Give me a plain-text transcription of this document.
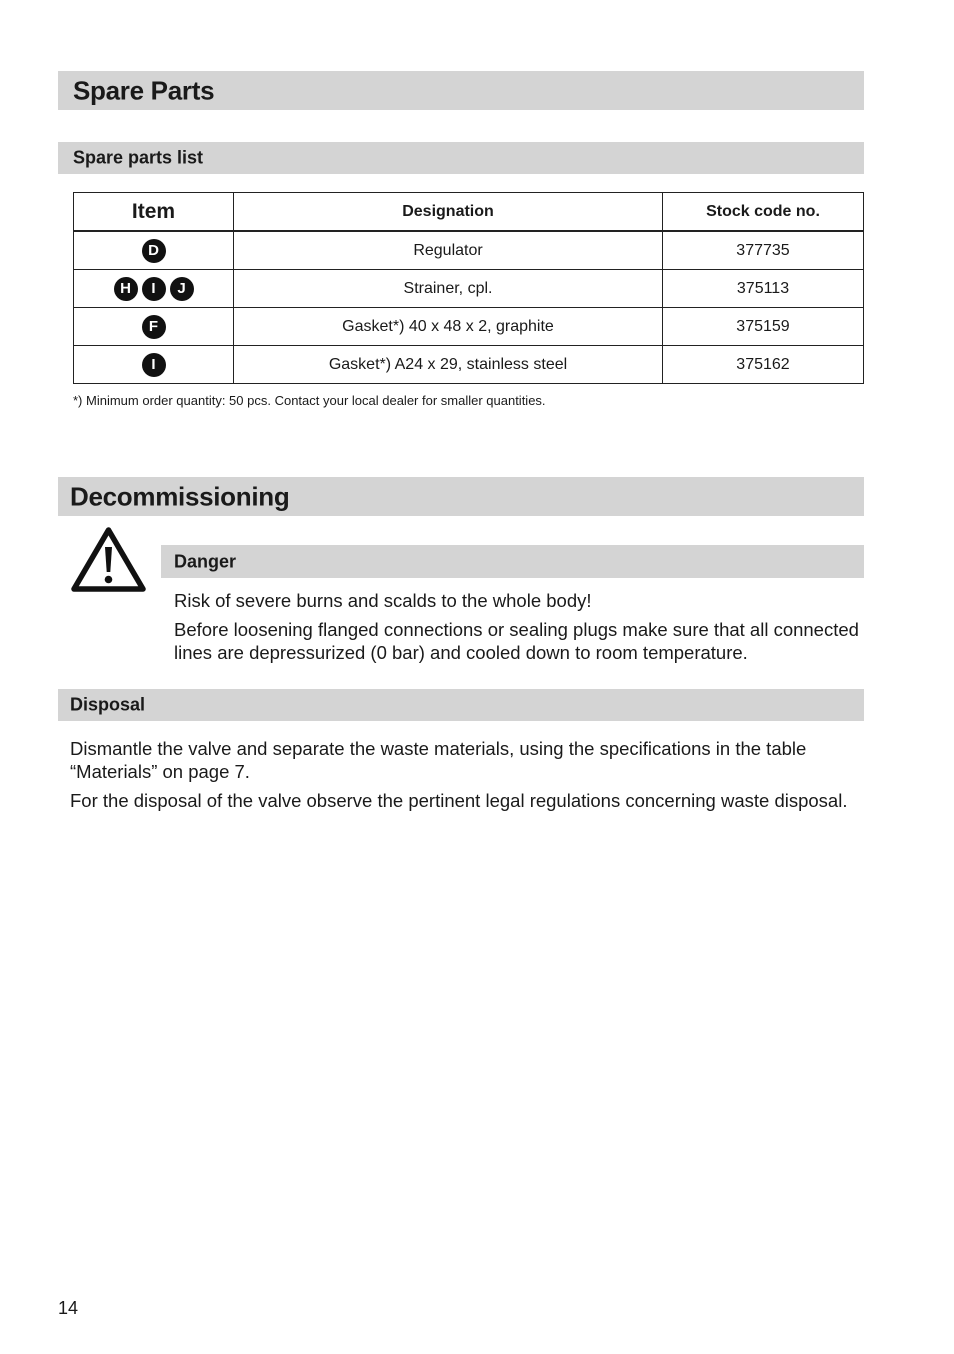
Spare Parts
Spare parts list
Item	Designation	Stock code no.
D	Regulator	377735
H I J	Strainer, cpl.	375113
F	Gasket*) 40 x 48 x 2, graphite	375159
I	Gasket*) A24 x 29, stainless steel	375162
*) Minimum order quantity: 50 pcs. Contact your local dealer for smaller quantities.
Decommissioning
Danger

Risk of severe burns and scalds to the whole body!

Before loosening flanged connections or sealing plugs make sure that all connected lines are depressurized (0 bar) and cooled down to room temperature.

Disposal

Dismantle the valve and separate the waste materials, using the specifications in the table “Materials” on page 7.

For the disposal of the valve observe the pertinent legal regulations concerning waste disposal.

14
